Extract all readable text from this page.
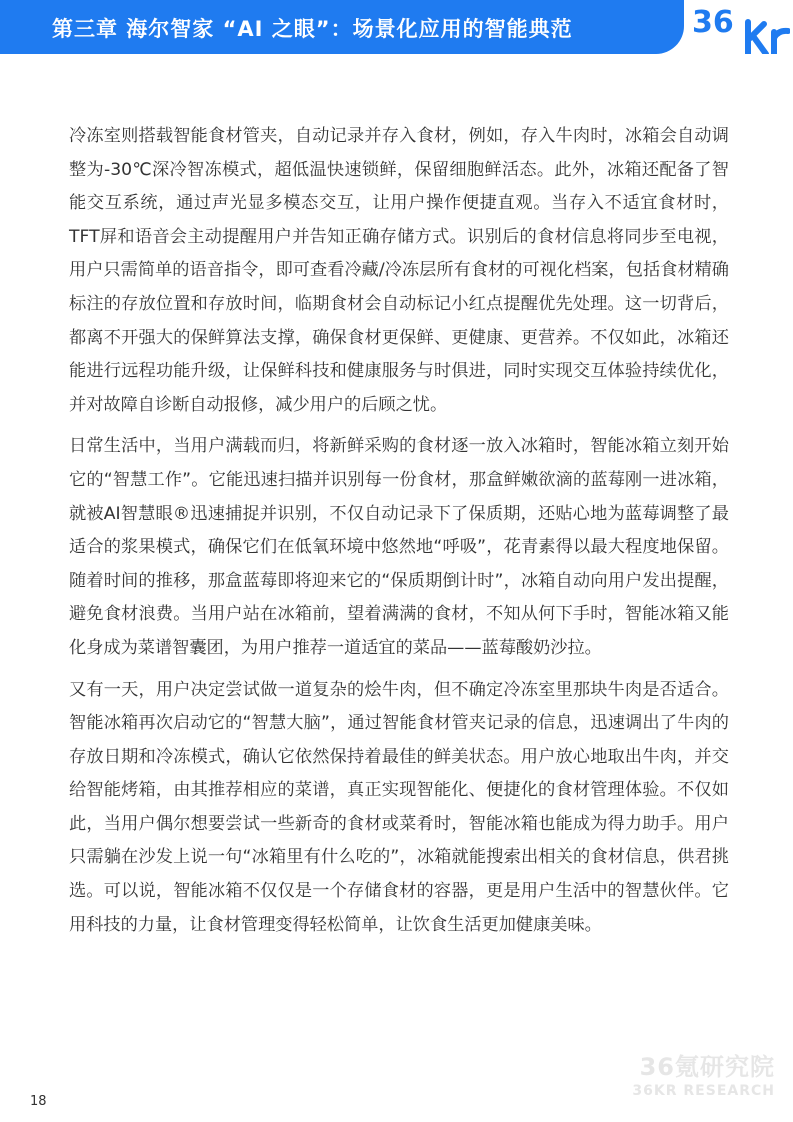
第三章 海尔智家 “AI 之眼”：场景化应用的智能典范	36

冷冻室则搭载智能食材管夹，自动记录并存入食材，例如，存入牛肉时，冰箱会自动调整为-30℃深冷智冻模式，超低温快速锁鲜，保留细胞鲜活态。此外，冰箱还配备了智能交互系统，通过声光显多模态交互，让用户操作便捷直观。当存入不适宜食材时，TFT屏和语音会主动提醒用户并告知正确存储方式。识别后的食材信息将同步至电视，用户只需简单的语音指令，即可查看冷藏/冷冻层所有食材的可视化档案，包括食材精确标注的存放位置和存放时间，临期食材会自动标记小红点提醒优先处理。这一切背后，都离不开强大的保鲜算法支撑，确保食材更保鲜、更健康、更营养。不仅如此，冰箱还能进行远程功能升级，让保鲜科技和健康服务与时俱进，同时实现交互体验持续优化，并对故障自诊断自动报修，减少用户的后顾之忧。

日常生活中，当用户满载而归，将新鲜采购的食材逐一放入冰箱时，智能冰箱立刻开始它的“智慧工作”。它能迅速扫描并识别每一份食材，那盒鲜嫩欲滴的蓝莓刚一进冰箱，就被AI智慧眼®迅速捕捉并识别，不仅自动记录下了保质期，还贴心地为蓝莓调整了最适合的浆果模式，确保它们在低氧环境中悠然地“呼吸”，花青素得以最大程度地保留。随着时间的推移，那盒蓝莓即将迎来它的“保质期倒计时”，冰箱自动向用户发出提醒，避免食材浪费。当用户站在冰箱前，望着满满的食材，不知从何下手时，智能冰箱又能化身成为菜谱智囊团，为用户推荐一道适宜的菜品——蓝莓酸奶沙拉。

又有一天，用户决定尝试做一道复杂的烩牛肉，但不确定冷冻室里那块牛肉是否适合。智能冰箱再次启动它的“智慧大脑”，通过智能食材管夹记录的信息，迅速调出了牛肉的存放日期和冷冻模式，确认它依然保持着最佳的鲜美状态。用户放心地取出牛肉，并交给智能烤箱，由其推荐相应的菜谱，真正实现智能化、便捷化的食材管理体验。不仅如此，当用户偶尔想要尝试一些新奇的食材或菜肴时，智能冰箱也能成为得力助手。用户只需躺在沙发上说一句“冰箱里有什么吃的”，冰箱就能搜索出相关的食材信息，供君挑选。可以说，智能冰箱不仅仅是一个存储食材的容器，更是用户生活中的智慧伙伴。它用科技的力量，让食材管理变得轻松简单，让饮食生活更加健康美味。

36氪研究院
36KR RESEARCH
18
